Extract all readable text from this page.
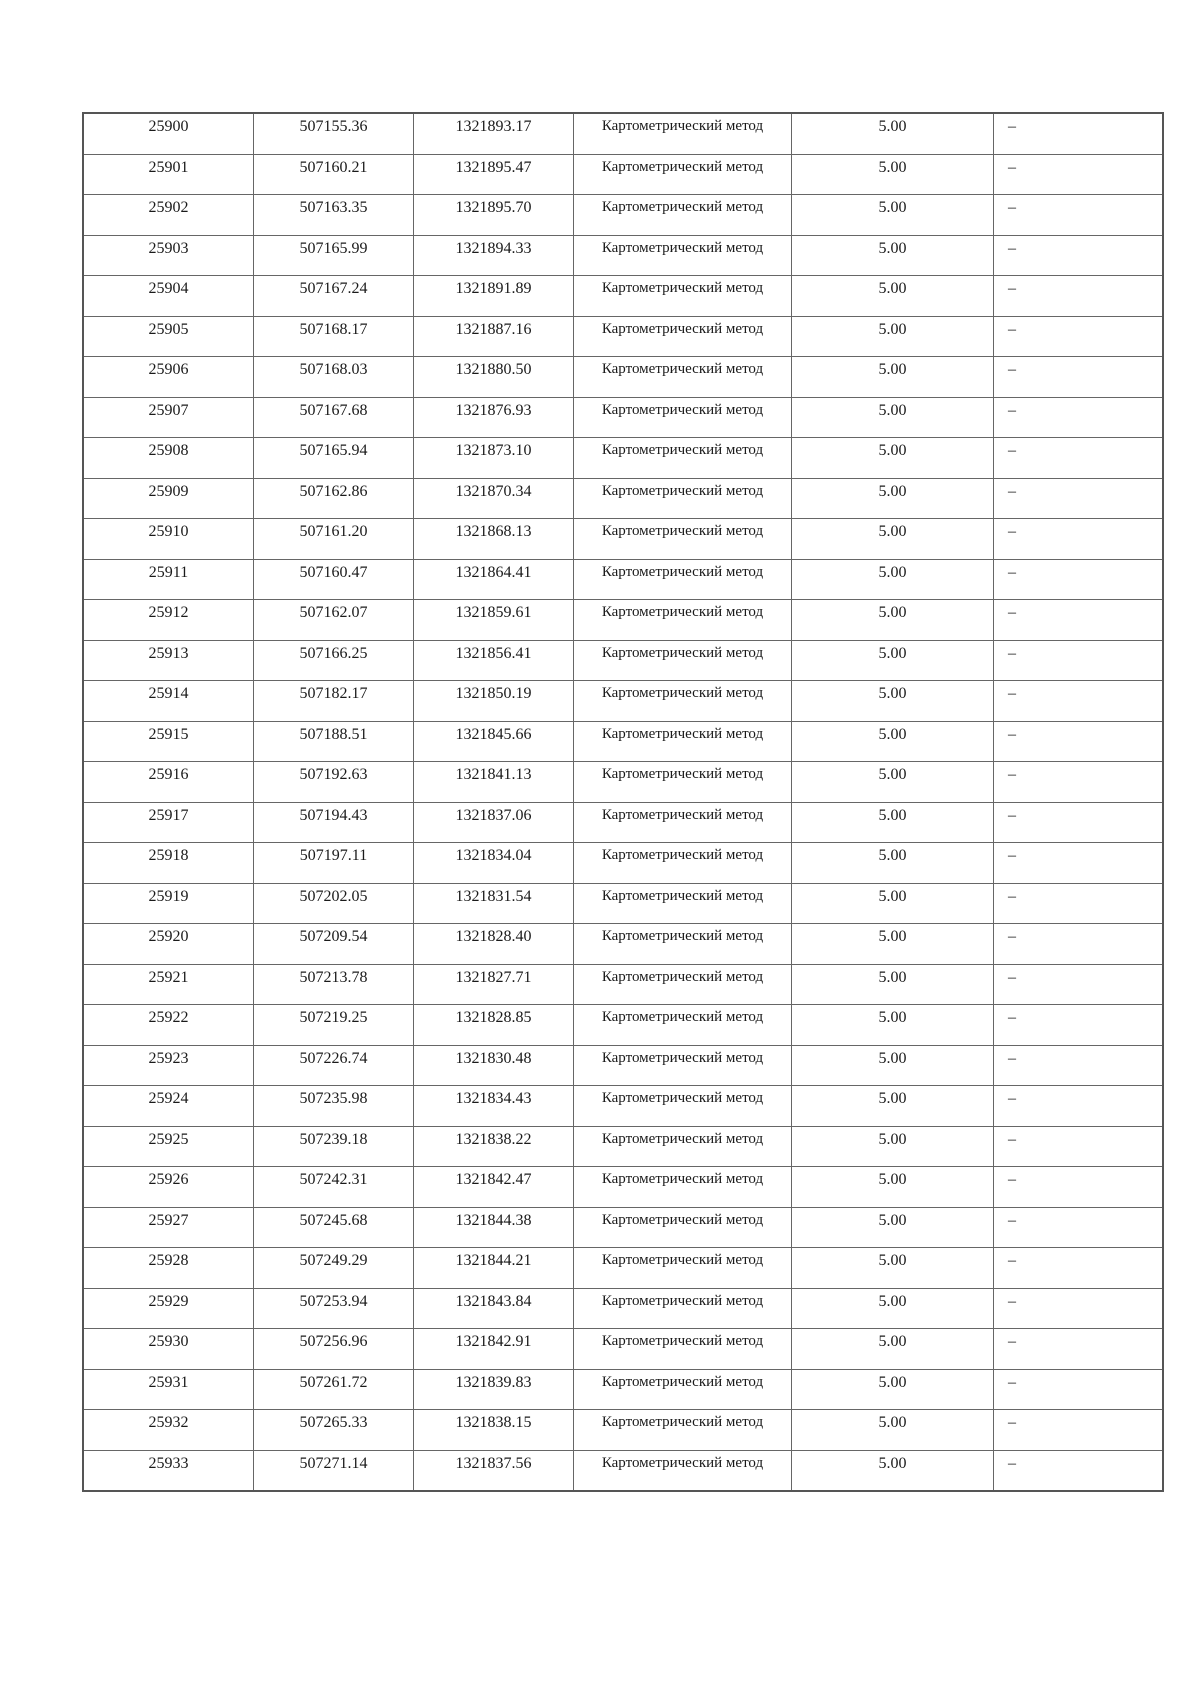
25900	507155.36	1321893.17	Картометрический метод	5.00	–

25901	507160.21	1321895.47	Картометрический метод	5.00	–

25902	507163.35	1321895.70	Картометрический метод	5.00	–

25903	507165.99	1321894.33	Картометрический метод	5.00	–

25904	507167.24	1321891.89	Картометрический метод	5.00	–

25905	507168.17	1321887.16	Картометрический метод	5.00	–

25906	507168.03	1321880.50	Картометрический метод	5.00	–

25907	507167.68	1321876.93	Картометрический метод	5.00	–

25908	507165.94	1321873.10	Картометрический метод	5.00	–

25909	507162.86	1321870.34	Картометрический метод	5.00	–

25910	507161.20	1321868.13	Картометрический метод	5.00	–

25911	507160.47	1321864.41	Картометрический метод	5.00	–

25912	507162.07	1321859.61	Картометрический метод	5.00	–

25913	507166.25	1321856.41	Картометрический метод	5.00	–

25914	507182.17	1321850.19	Картометрический метод	5.00	–

25915	507188.51	1321845.66	Картометрический метод	5.00	–

25916	507192.63	1321841.13	Картометрический метод	5.00	–

25917	507194.43	1321837.06	Картометрический метод	5.00	–

25918	507197.11	1321834.04	Картометрический метод	5.00	–

25919	507202.05	1321831.54	Картометрический метод	5.00	–

25920	507209.54	1321828.40	Картометрический метод	5.00	–

25921	507213.78	1321827.71	Картометрический метод	5.00	–

25922	507219.25	1321828.85	Картометрический метод	5.00	–

25923	507226.74	1321830.48	Картометрический метод	5.00	–

25924	507235.98	1321834.43	Картометрический метод	5.00	–

25925	507239.18	1321838.22	Картометрический метод	5.00	–

25926	507242.31	1321842.47	Картометрический метод	5.00	–

25927	507245.68	1321844.38	Картометрический метод	5.00	–

25928	507249.29	1321844.21	Картометрический метод	5.00	–

25929	507253.94	1321843.84	Картометрический метод	5.00	–

25930	507256.96	1321842.91	Картометрический метод	5.00	–

25931	507261.72	1321839.83	Картометрический метод	5.00	–

25932	507265.33	1321838.15	Картометрический метод	5.00	–

25933	507271.14	1321837.56	Картометрический метод	5.00	–
